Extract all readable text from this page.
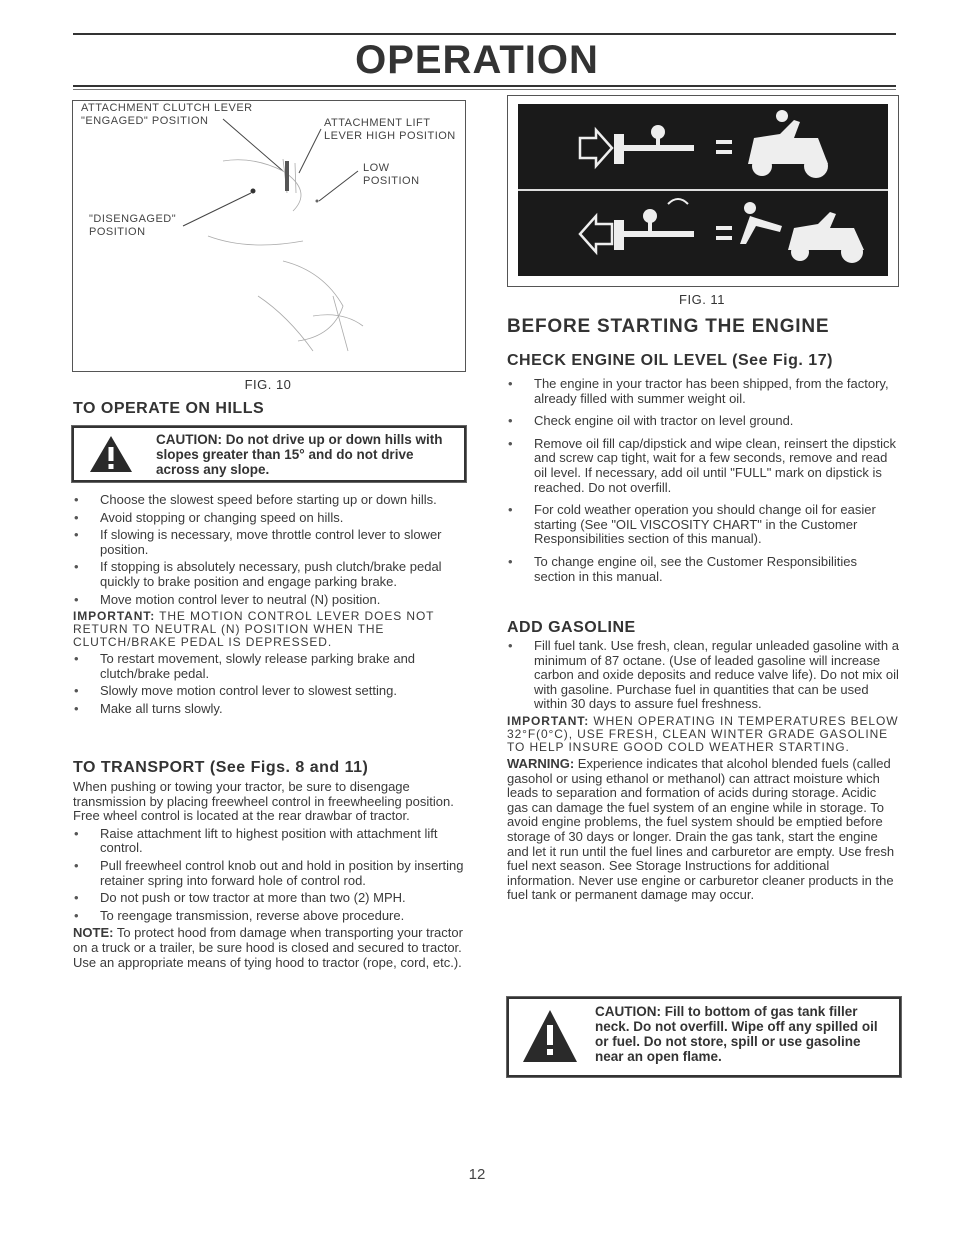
OPERATION
ATTACHMENT CLUTCH LEVER
"ENGAGED" POSITION	ATTACHMENT LIFT
LEVER HIGH POSITION
LOW
POSITION
"DISENGAGED"
POSITION
FIG. 10
FIG. 11
TO OPERATE ON HILLS
CAUTION: Do not drive up or down hills with slopes greater than 15° and do not drive across any slope.
• Choose the slowest speed before starting up or down hills.
• Avoid stopping or changing speed on hills.
• If slowing is necessary, move throttle control lever to slower position.
• If stopping is absolutely necessary, push clutch/brake pedal quickly to brake position and engage parking brake.
• Move motion control lever to neutral (N) position.

IMPORTANT: THE MOTION CONTROL LEVER DOES NOT RETURN TO NEUTRAL (N) POSITION WHEN THE CLUTCH/BRAKE PEDAL IS DEPRESSED.

• To restart movement, slowly release parking brake and clutch/brake pedal.
• Slowly move motion control lever to slowest setting.
• Make all turns slowly.
TO TRANSPORT (See Figs. 8 and 11)

When pushing or towing your tractor, be sure to disengage transmission by placing freewheel control in freewheeling position. Free wheel control is located at the rear drawbar of tractor.

• Raise attachment lift to highest position with attachment lift control.
• Pull freewheel control knob out and hold in position by inserting retainer spring into forward hole of control rod.
• Do not push or tow tractor at more than two (2) MPH.
• To reengage transmission, reverse above procedure.

NOTE: To protect hood from damage when transporting your tractor on a truck or a trailer, be sure hood is closed and secured to tractor. Use an appropriate means of tying hood to tractor (rope, cord, etc.).

BEFORE STARTING THE ENGINE
CHECK ENGINE OIL LEVEL (See Fig. 17)
• The engine in your tractor has been shipped, from the factory, already filled with summer weight oil.
• Check engine oil with tractor on level ground.
• Remove oil fill cap/dipstick and wipe clean, reinsert the dipstick and screw cap tight, wait for a few seconds, remove and read oil level. If necessary, add oil until "FULL" mark on dipstick is reached. Do not overfill.
• For cold weather operation you should change oil for easier starting (See "OIL VISCOSITY CHART" in the Customer Responsibilities section of this manual).
• To change engine oil, see the Customer Responsibilities section in this manual.
ADD GASOLINE
• Fill fuel tank. Use fresh, clean, regular unleaded gasoline with a minimum of 87 octane. (Use of leaded gasoline will increase carbon and oxide deposits and reduce valve life). Do not mix oil with gasoline. Purchase fuel in quantities that can be used within 30 days to assure fuel freshness.

IMPORTANT: WHEN OPERATING IN TEMPERATURES BELOW 32°F(0°C), USE FRESH, CLEAN WINTER GRADE GASOLINE TO HELP INSURE GOOD COLD WEATHER STARTING.

WARNING: Experience indicates that alcohol blended fuels (called gasohol or using ethanol or methanol) can attract moisture which leads to separation and formation of acids during storage. Acidic gas can damage the fuel system of an engine while in storage. To avoid engine problems, the fuel system should be emptied before storage of 30 days or longer. Drain the gas tank, start the engine and let it run until the fuel lines and carburetor are empty. Use fresh fuel next season. See Storage Instructions for additional information. Never use engine or carburetor cleaner products in the fuel tank or permanent damage may occur.

CAUTION: Fill to bottom of gas tank filler neck. Do not overfill. Wipe off any spilled oil or fuel. Do not store, spill or use gasoline near an open flame.
12
